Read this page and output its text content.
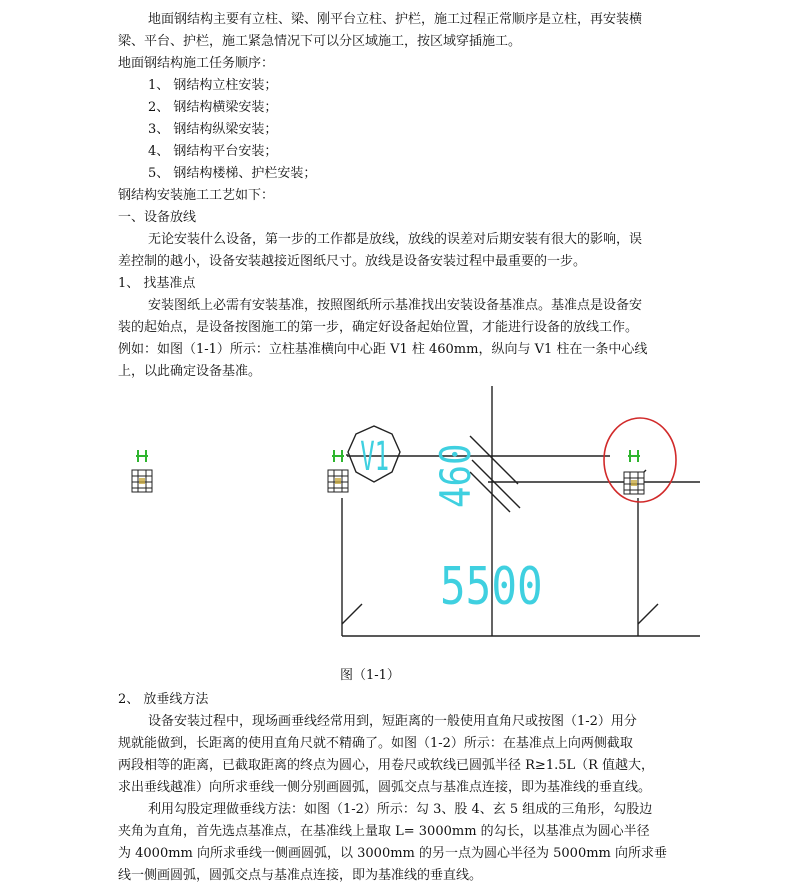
地面钢结构主要有立柱、梁、刚平台立柱、护栏，施工过程正常顺序是立柱，再安装横
梁、平台、护栏，施工紧急情况下可以分区域施工，按区域穿插施工。
地面钢结构施工任务顺序：
1、 钢结构立柱安装；
2、 钢结构横梁安装；
3、 钢结构纵梁安装；
4、 钢结构平台安装；
5、 钢结构楼梯、护栏安装；
钢结构安装施工工艺如下：
一、设备放线
无论安装什么设备，第一步的工作都是放线，放线的误差对后期安装有很大的影响，误
差控制的越小，设备安装越接近图纸尺寸。放线是设备安装过程中最重要的一步。
1、 找基准点
安装图纸上必需有安装基准，按照图纸所示基准找出安装设备基准点。基准点是设备安
装的起始点，是设备按图施工的第一步，确定好设备起始位置，才能进行设备的放线工作。
例如：如图（1-1）所示：立柱基准横向中心距 V1 柱 460mm，纵向与 V1 柱在一条中心线
上，以此确定设备基准。
V1 460
5500
图（1-1）
2、 放垂线方法
设备安装过程中，现场画垂线经常用到，短距离的一般使用直角尺或按图（1-2）用分
规就能做到，长距离的使用直角尺就不精确了。如图（1-2）所示：在基准点上向两侧截取
两段相等的距离，已截取距离的终点为圆心，用卷尺或软线已圆弧半径 R≥1.5L（R 值越大，
求出垂线越准）向所求垂线一侧分别画圆弧，圆弧交点与基准点连接，即为基准线的垂直线。
利用勾股定理做垂线方法：如图（1-2）所示：勾 3、股 4、玄 5 组成的三角形，勾股边
夹角为直角，首先选点基准点，在基准线上量取 L= 3000mm 的勾长，以基准点为圆心半径
为 4000mm 向所求垂线一侧画圆弧，以 3000mm 的另一点为圆心半径为 5000mm 向所求垂
线一侧画圆弧，圆弧交点与基准点连接，即为基准线的垂直线。
